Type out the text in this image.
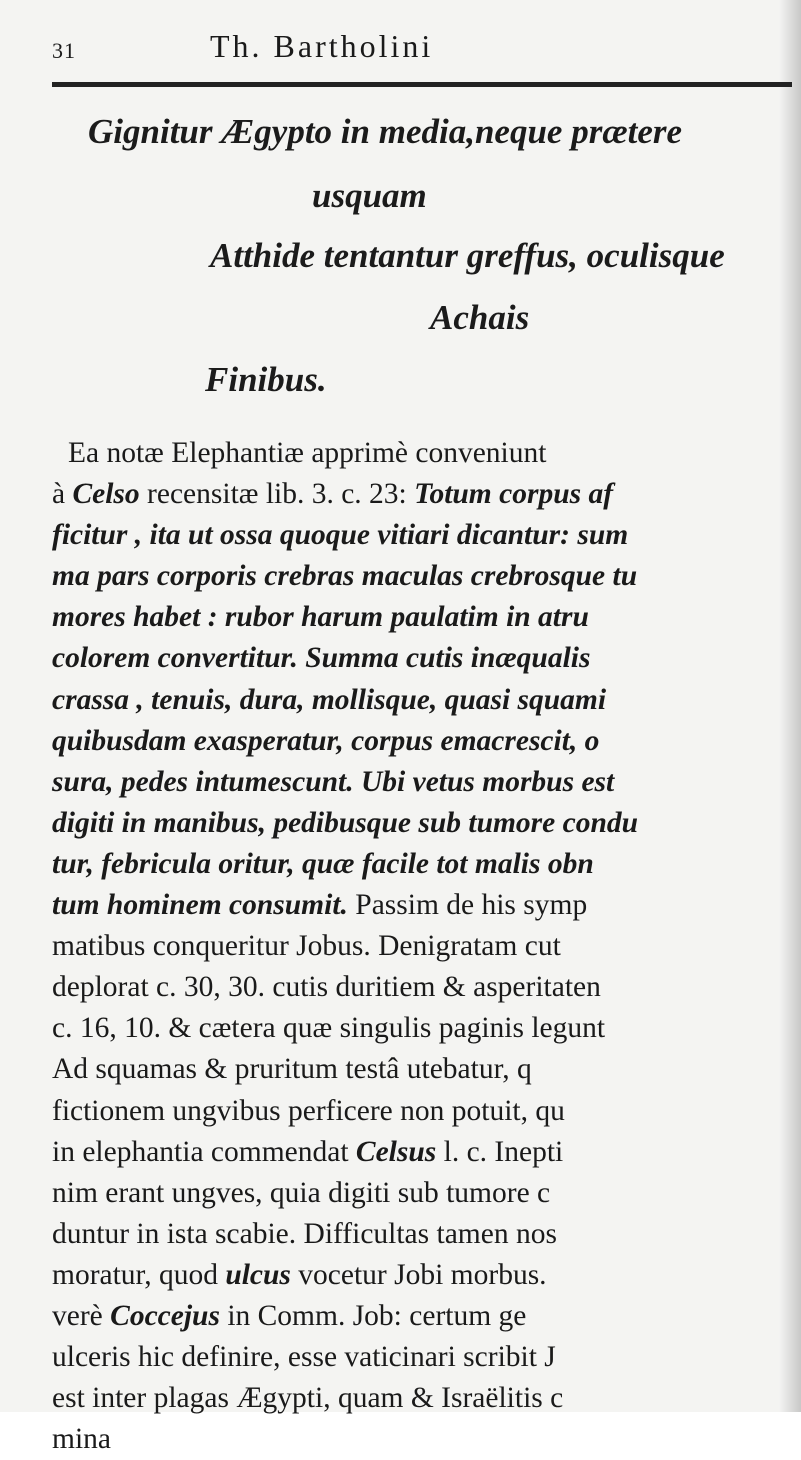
31	Th. Bartholini
Gignitur Ægypto in media,neque prætere
usquam
Atthide tentantur greffus, oculisque
Achais
Finibus.
Ea notæ Elephantiæ apprimè conveniunt
à Celso recensitæ lib. 3. c. 23: Totum corpus af
ficitur , ita ut ossa quoque vitiari dicantur: sum
ma pars corporis crebras maculas crebrosque tu
mores habet : rubor harum paulatim in atru
colorem convertitur. Summa cutis inæqualis
crassa , tenuis, dura, mollisque, quasi squami
quibusdam exasperatur, corpus emacrescit, o
sura, pedes intumescunt. Ubi vetus morbus est
digiti in manibus, pedibusque sub tumore condu
tur, febricula oritur, quæ facile tot malis obn
tum hominem consumit. Passim de his symp
matibus conqueritur Jobus. Denigratam cut
deplorat c. 30, 30. cutis duritiem & asperitaten
c. 16, 10. & cætera quæ singulis paginis legunt
Ad squamas & pruritum testâ utebatur, q
fictionem ungvibus perficere non potuit, qu
in elephantia commendat Celsus l. c. Inepti
nim erant ungves, quia digiti sub tumore c
duntur in ista scabie. Difficultas tamen nos
moratur, quod ulcus vocetur Jobi morbus.
verè Coccejus in Comm. Job: certum ge
ulceris hic definire, esse vaticinari scribit J
est inter plagas Ægypti, quam & Israëlitis c
mina
